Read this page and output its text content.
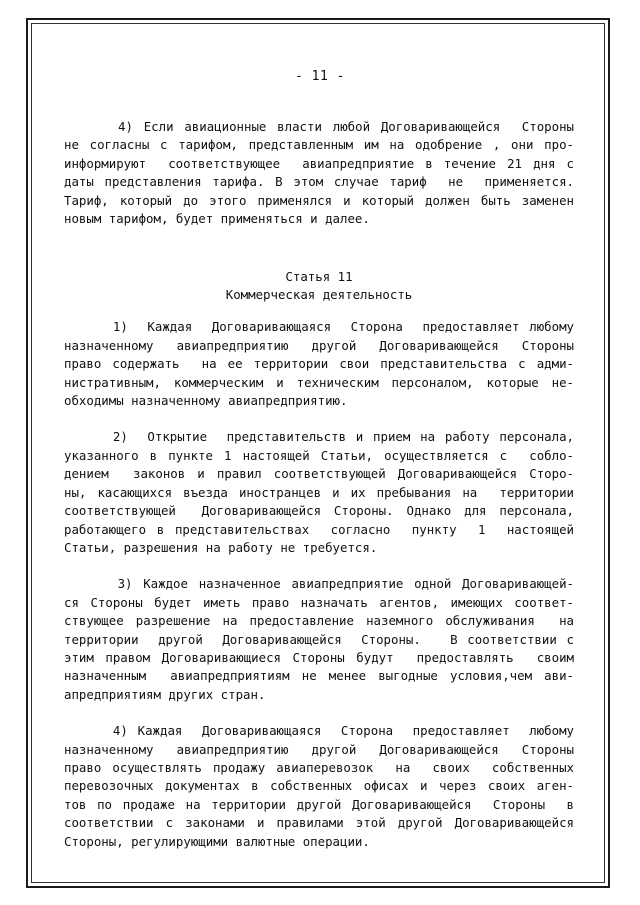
- 11 -
4) Если авиационные власти любой Договаривающейся  Стороны
не согласны с тарифом, представленным им на одобрение , они про-
информируют  соответствующее  авиапредприятие в течение 21 дня с
даты представления тарифа. В этом случае тариф  не  применяется.
Тариф, который до этого применялся и который должен быть заменен
новым тарифом, будет применяться и далее.
Статья 11
Коммерческая деятельность
1)  Каждая  Договаривающаяся  Сторона  предоставляет любому
назначенному  авиапредприятию  другой  Договаривающейся  Стороны
право содержать  на ее территории свои представительства с адми-
нистративным, коммерческим и техническим персоналом, которые не-
обходимы назначенному авиапредприятию.
2)  Открытие  представительств и прием на работу персонала,
указанного в пункте 1 настоящей Статьи, осуществляется с  собло-
дением  законов и правил соответствующей Договаривающейся Сторо-
ны, касающихся въезда иностранцев и их пребывания на  территории
соответствующей  Договаривающейся Стороны. Однако для персонала,
работающего в представительствах  согласно  пункту  1  настоящей
Статьи, разрешения на работу не требуется.
3) Каждое назначенное авиапредприятие одной Договаривающей-
ся Стороны будет иметь право назначать агентов, имеющих соответ-
ствующее разрешение на предоставление наземного обслуживания  на
территории  другой  Договаривающейся  Стороны.   В соответствии с
этим правом Договаривающиеся Стороны будут  предоставлять  своим
назначенным  авиапредприятиям не менее выгодные условия,чем ави-
апредприятиям других стран.
4) Каждая  Договаривающаяся  Сторона  предоставляет  любому
назначенному  авиапредприятию  другой  Договаривающейся  Стороны
право осуществлять продажу авиаперевозок  на  своих  собственных
перевозочных документах в собственных офисах и через своих аген-
тов по продаже на территории другой Договаривающейся  Стороны  в
соответствии с законами и правилами этой другой Договаривающейся
Стороны, регулирующими валютные операции.
